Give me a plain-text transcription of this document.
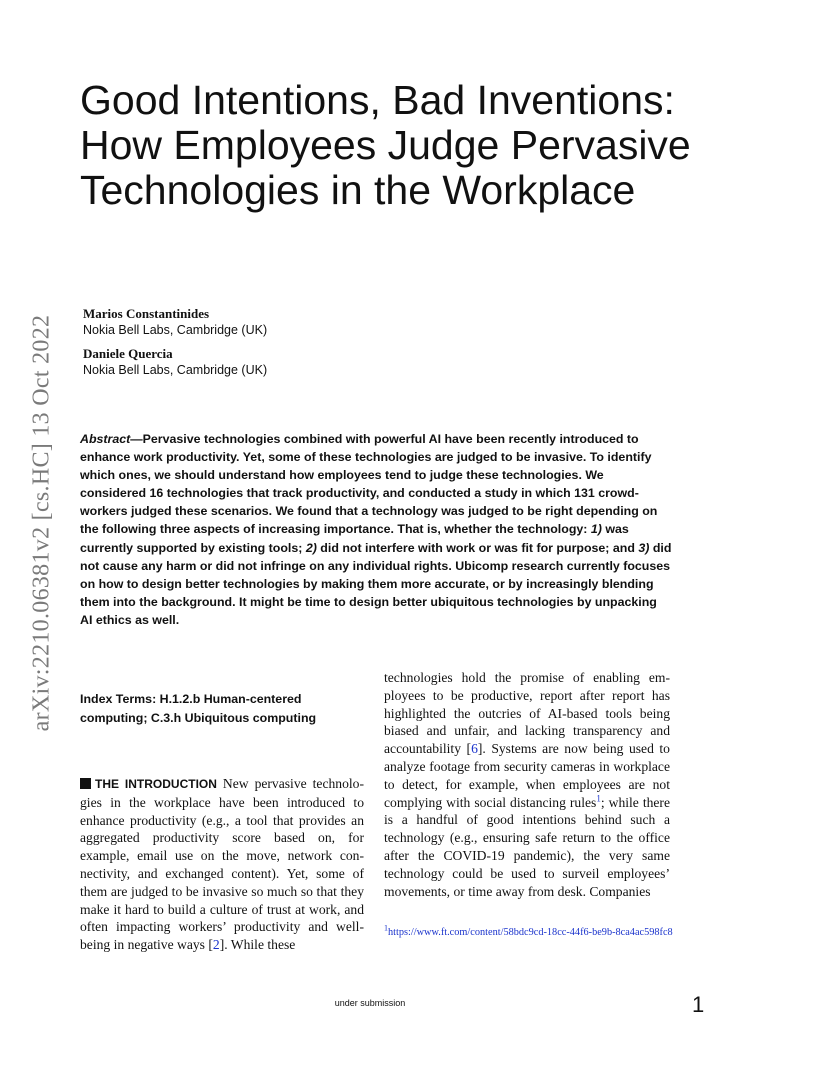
arXiv:2210.06381v2 [cs.HC] 13 Oct 2022
Good Intentions, Bad Inventions: How Employees Judge Pervasive Technologies in the Workplace
Marios Constantinides
Nokia Bell Labs, Cambridge (UK)
Daniele Quercia
Nokia Bell Labs, Cambridge (UK)

Abstract—Pervasive technologies combined with powerful AI have been recently introduced to enhance work productivity. Yet, some of these technologies are judged to be invasive. To identify which ones, we should understand how employees tend to judge these technologies. We considered 16 technologies that track productivity, and conducted a study in which 131 crowd-workers judged these scenarios. We found that a technology was judged to be right depending on the following three aspects of increasing importance. That is, whether the technology: 1) was currently supported by existing tools; 2) did not interfere with work or was fit for purpose; and 3) did not cause any harm or did not infringe on any individual rights. Ubicomp research currently focuses on how to design better technologies by making them more accurate, or by increasingly blending them into the background. It might be time to design better ubiquitous technologies by unpacking AI ethics as well.

Index Terms: H.1.2.b Human-centered computing; C.3.h Ubiquitous computing
THE INTRODUCTION New pervasive technologies in the workplace have been introduced to enhance productivity (e.g., a tool that provides an aggregated productivity score based on, for example, email use on the move, network connectivity, and exchanged content). Yet, some of them are judged to be invasive so much so that they make it hard to build a culture of trust at work, and often impacting workers’ productivity and well-being in negative ways [2]. While these
technologies hold the promise of enabling employees to be productive, report after report has highlighted the outcries of AI-based tools being biased and unfair, and lacking transparency and accountability [6]. Systems are now being used to analyze footage from security cameras in workplace to detect, for example, when employees are not complying with social distancing rules$^1$; while there is a handful of good intentions behind such a technology (e.g., ensuring safe return to the office after the COVID-19 pandemic), the very same technology could be used to surveil employees’ movements, or time away from desk. Companies
$^1$https://www.ft.com/content/58bdc9cd-18cc-44f6-be9b-8ca4ac598fc8
under submission	1
